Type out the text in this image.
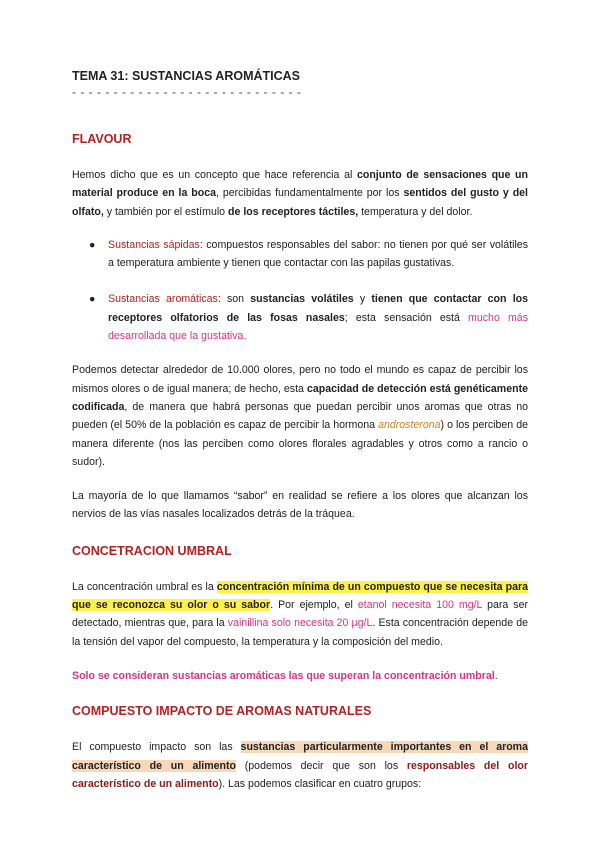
TEMA 31: SUSTANCIAS AROMÁTICAS
- - - - - - - - - - - - - - - - - - - - - - - - - - - -
FLAVOUR

Hemos dicho que es un concepto que hace referencia al conjunto de sensaciones que un material produce en la boca, percibidas fundamentalmente por los sentidos del gusto y del olfato, y también por el estímulo de los receptores táctiles, temperatura y del dolor.

● Sustancias sápidas: compuestos responsables del sabor: no tienen por qué ser volátiles a temperatura ambiente y tienen que contactar con las papilas gustativas.
● Sustancias aromáticas: son sustancias volátiles y tienen que contactar con los receptores olfatorios de las fosas nasales; esta sensación está mucho más desarrollada que la gustativa.

Podemos detectar alrededor de 10.000 olores, pero no todo el mundo es capaz de percibir los mismos olores o de igual manera; de hecho, esta capacidad de detección está genéticamente codificada, de manera que habrá personas que puedan percibir unos aromas que otras no pueden (el 50% de la población es capaz de percibir la hormona androsterona) o los perciben de manera diferente (nos las perciben como olores florales agradables y otros como a rancio o sudor).

La mayoría de lo que llamamos “sabor” en realidad se refiere a los olores que alcanzan los nervios de las vías nasales localizados detrás de la tráquea.

CONCETRACION UMBRAL

La concentración umbral es la concentración mínima de un compuesto que se necesita para que se reconozca su olor o su sabor. Por ejemplo, el etanol necesita 100 mg/L para ser detectado, mientras que, para la vainillina solo necesita 20 µg/L. Esta concentración depende de la tensión del vapor del compuesto, la temperatura y la composición del medio.

Solo se consideran sustancias aromáticas las que superan la concentración umbral.

COMPUESTO IMPACTO DE AROMAS NATURALES

El compuesto impacto son las sustancias particularmente importantes en el aroma característico de un alimento (podemos decir que son los responsables del olor característico de un alimento). Las podemos clasificar en cuatro grupos:
